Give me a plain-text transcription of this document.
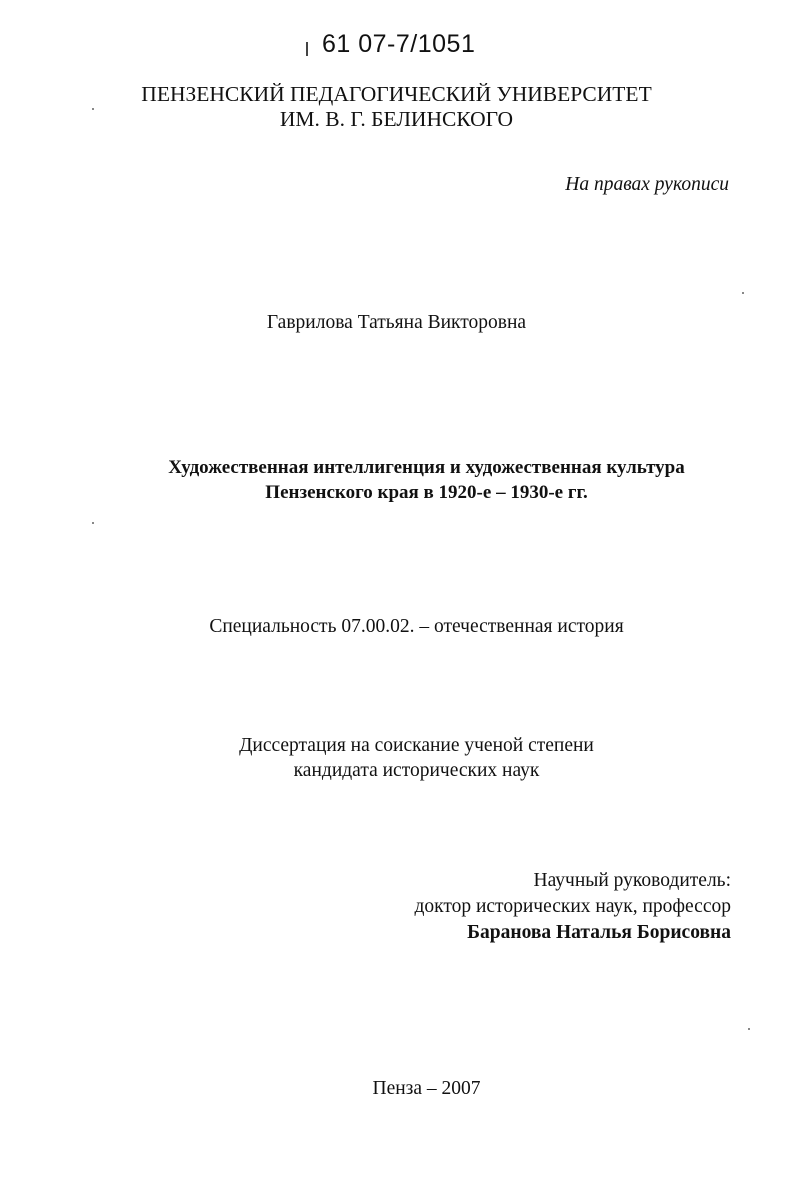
61 07-7/1051
ПЕНЗЕНСКИЙ ПЕДАГОГИЧЕСКИЙ УНИВЕРСИТЕТ
ИМ. В. Г. БЕЛИНСКОГО
На правах рукописи
Гаврилова Татьяна Викторовна
Художественная интеллигенция и художественная культура
Пензенского края в 1920-е – 1930-е гг.
Специальность 07.00.02. – отечественная история
Диссертация на соискание ученой степени
кандидата исторических наук
Научный руководитель:
доктор исторических наук, профессор
Баранова Наталья Борисовна
Пенза – 2007
